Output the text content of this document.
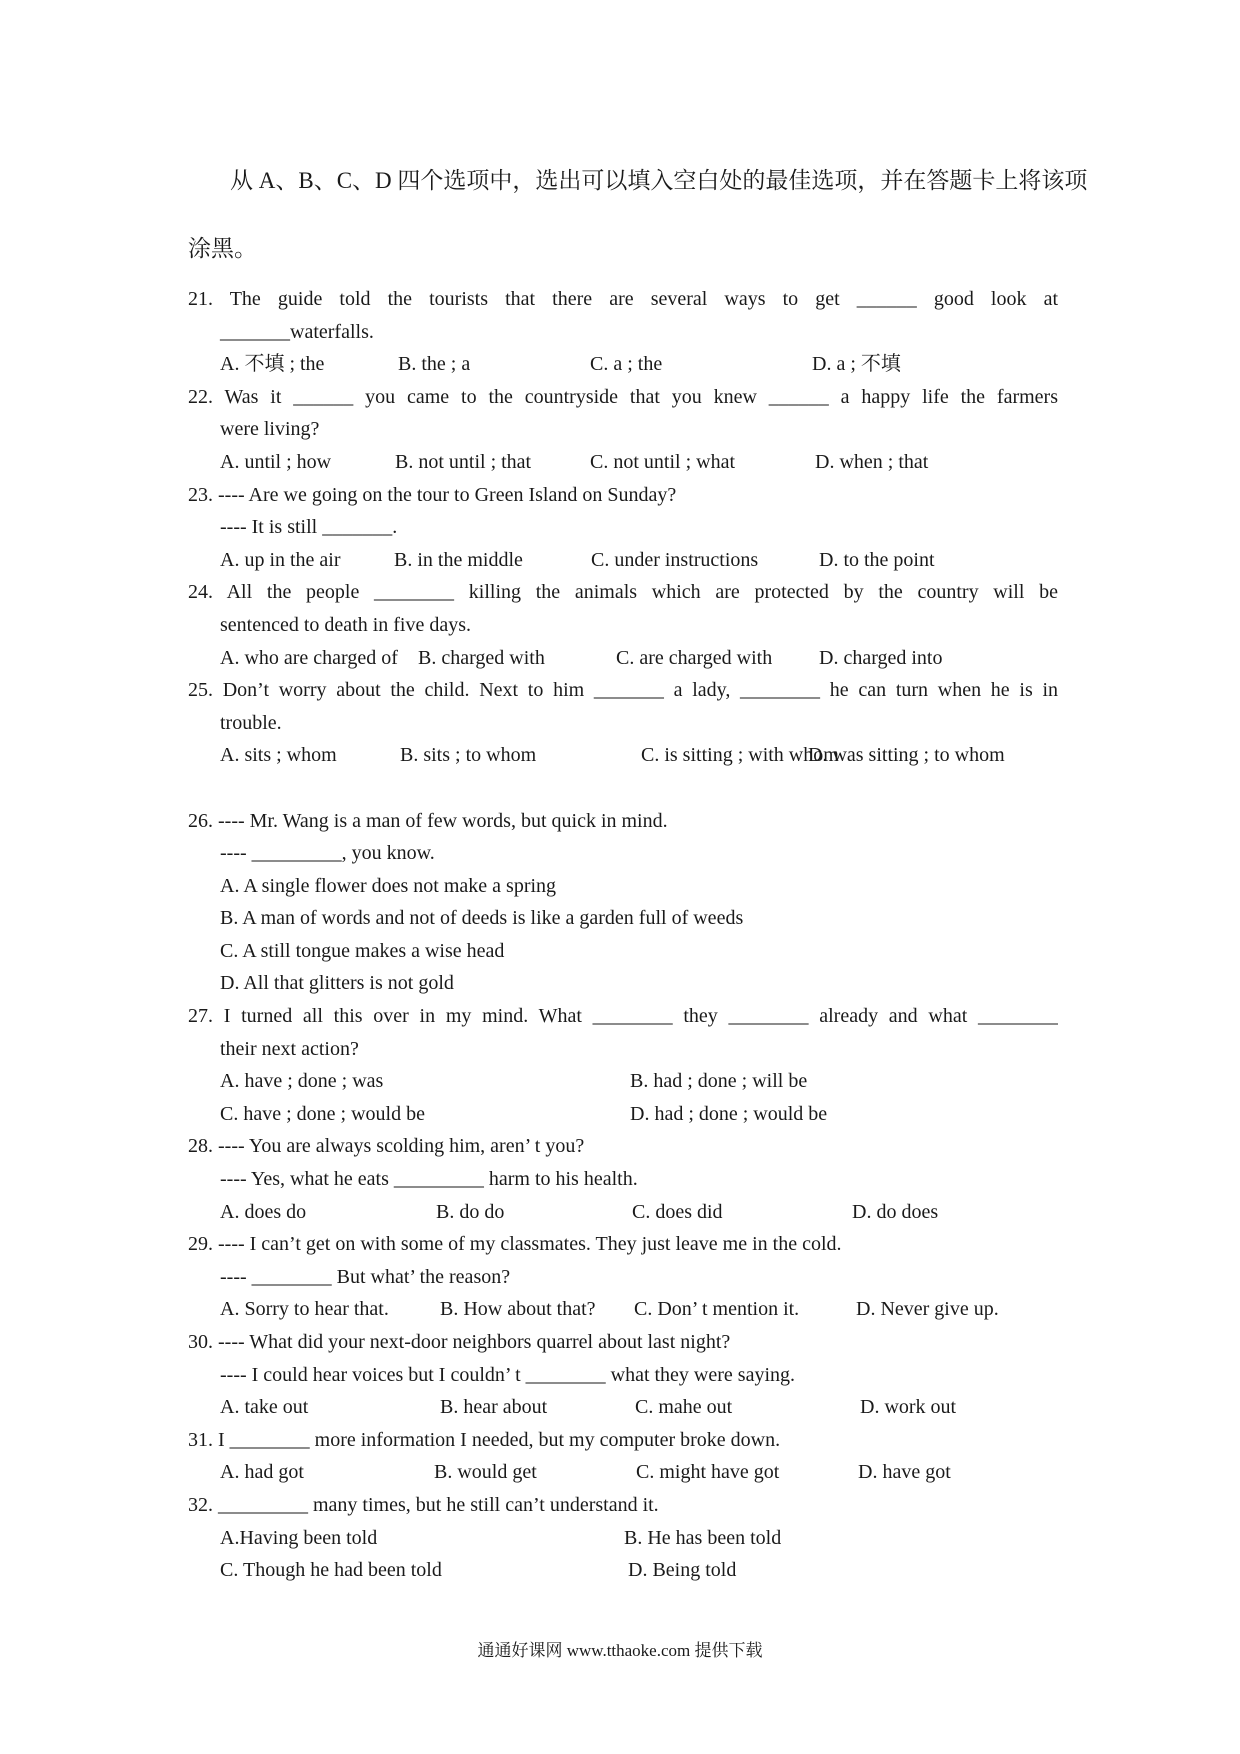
从 A、B、C、D 四个选项中，选出可以填入空白处的最佳选项，并在答题卡上将该项

涂黑。

21. The guide told the tourists that there are several ways to get ______ good look at
_______waterfalls.
A. 不填 ; the	B. the ; a	C. a ; the	D. a ; 不填
22. Was it ______ you came to the countryside that you knew ______ a happy life the farmers
were living?
A. until ; how	B. not until ; that	C. not until ; what	D. when ; that
23. ---- Are we going on the tour to Green Island on Sunday?
---- It is still _______.
A. up in the air	B. in the middle	C. under instructions	D. to the point
24. All the people ________ killing the animals which are protected by the country will be
sentenced to death in five days.
A. who are charged of B. charged with	C. are charged with D. charged into
25. Don’t worry about the child. Next to him _______ a lady, ________ he can turn when he is in
trouble.
A. sits ; whom	B. sits ; to whom	C. is sitting ; with whom
D. was sitting ; to whom
26. ---- Mr. Wang is a man of few words, but quick in mind.
---- _________, you know.
A. A single flower does not make a spring
B. A man of words and not of deeds is like a garden full of weeds
C. A still tongue makes a wise head
D. All that glitters is not gold
27. I turned all this over in my mind. What ________ they ________ already and what ________
their next action?
A. have ; done ; was	B. had ; done ; will be
C. have ; done ; would be	D. had ; done ; would be
28. ---- You are always scolding him, aren’ t you?
---- Yes, what he eats _________ harm to his health.
A. does do	B. do do	C. does did	D. do does
29. ---- I can’t get on with some of my classmates. They just leave me in the cold.
---- ________ But what’ the reason?
A. Sorry to hear that.	B. How about that? C. Don’ t mention it.	D. Never give up.
30. ---- What did your next-door neighbors quarrel about last night?
---- I could hear voices but I couldn’ t ________ what they were saying.
A. take out	B. hear about	C. mahe out	D. work out
31. I ________ more information I needed, but my computer broke down.
A. had got	B. would get	C. might have got	D. have got
32. _________ many times, but he still can’t understand it.
A.Having been told	B. He has been told
C. Though he had been told	D. Being told
通通好课网 www.tthaoke.com 提供下载
